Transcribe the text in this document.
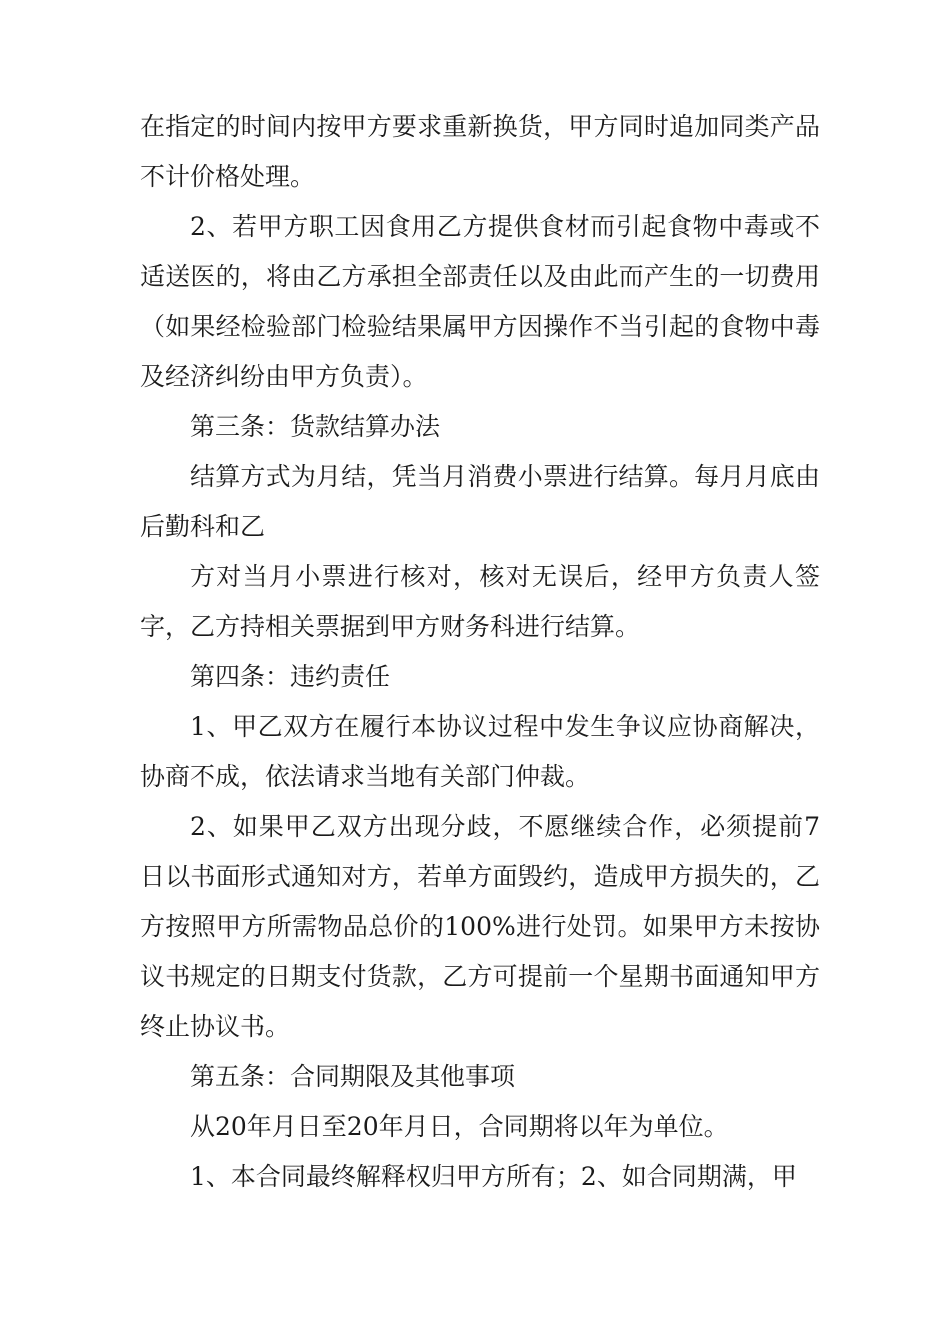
在指定的时间内按甲方要求重新换货，甲方同时追加同类产品不计价格处理。

2、若甲方职工因食用乙方提供食材而引起食物中毒或不适送医的，将由乙方承担全部责任以及由此而产生的一切费用（如果经检验部门检验结果属甲方因操作不当引起的食物中毒及经济纠纷由甲方负责）。

第三条：货款结算办法

结算方式为月结，凭当月消费小票进行结算。每月月底由后勤科和乙

方对当月小票进行核对，核对无误后，经甲方负责人签字，乙方持相关票据到甲方财务科进行结算。

第四条：违约责任

1、甲乙双方在履行本协议过程中发生争议应协商解决，协商不成，依法请求当地有关部门仲裁。

2、如果甲乙双方出现分歧，不愿继续合作，必须提前7日以书面形式通知对方，若单方面毁约，造成甲方损失的，乙方按照甲方所需物品总价的100%进行处罚。如果甲方未按协议书规定的日期支付货款，乙方可提前一个星期书面通知甲方终止协议书。

第五条：合同期限及其他事项

从20年月日至20年月日，合同期将以年为单位。

1、本合同最终解释权归甲方所有；2、如合同期满，甲
